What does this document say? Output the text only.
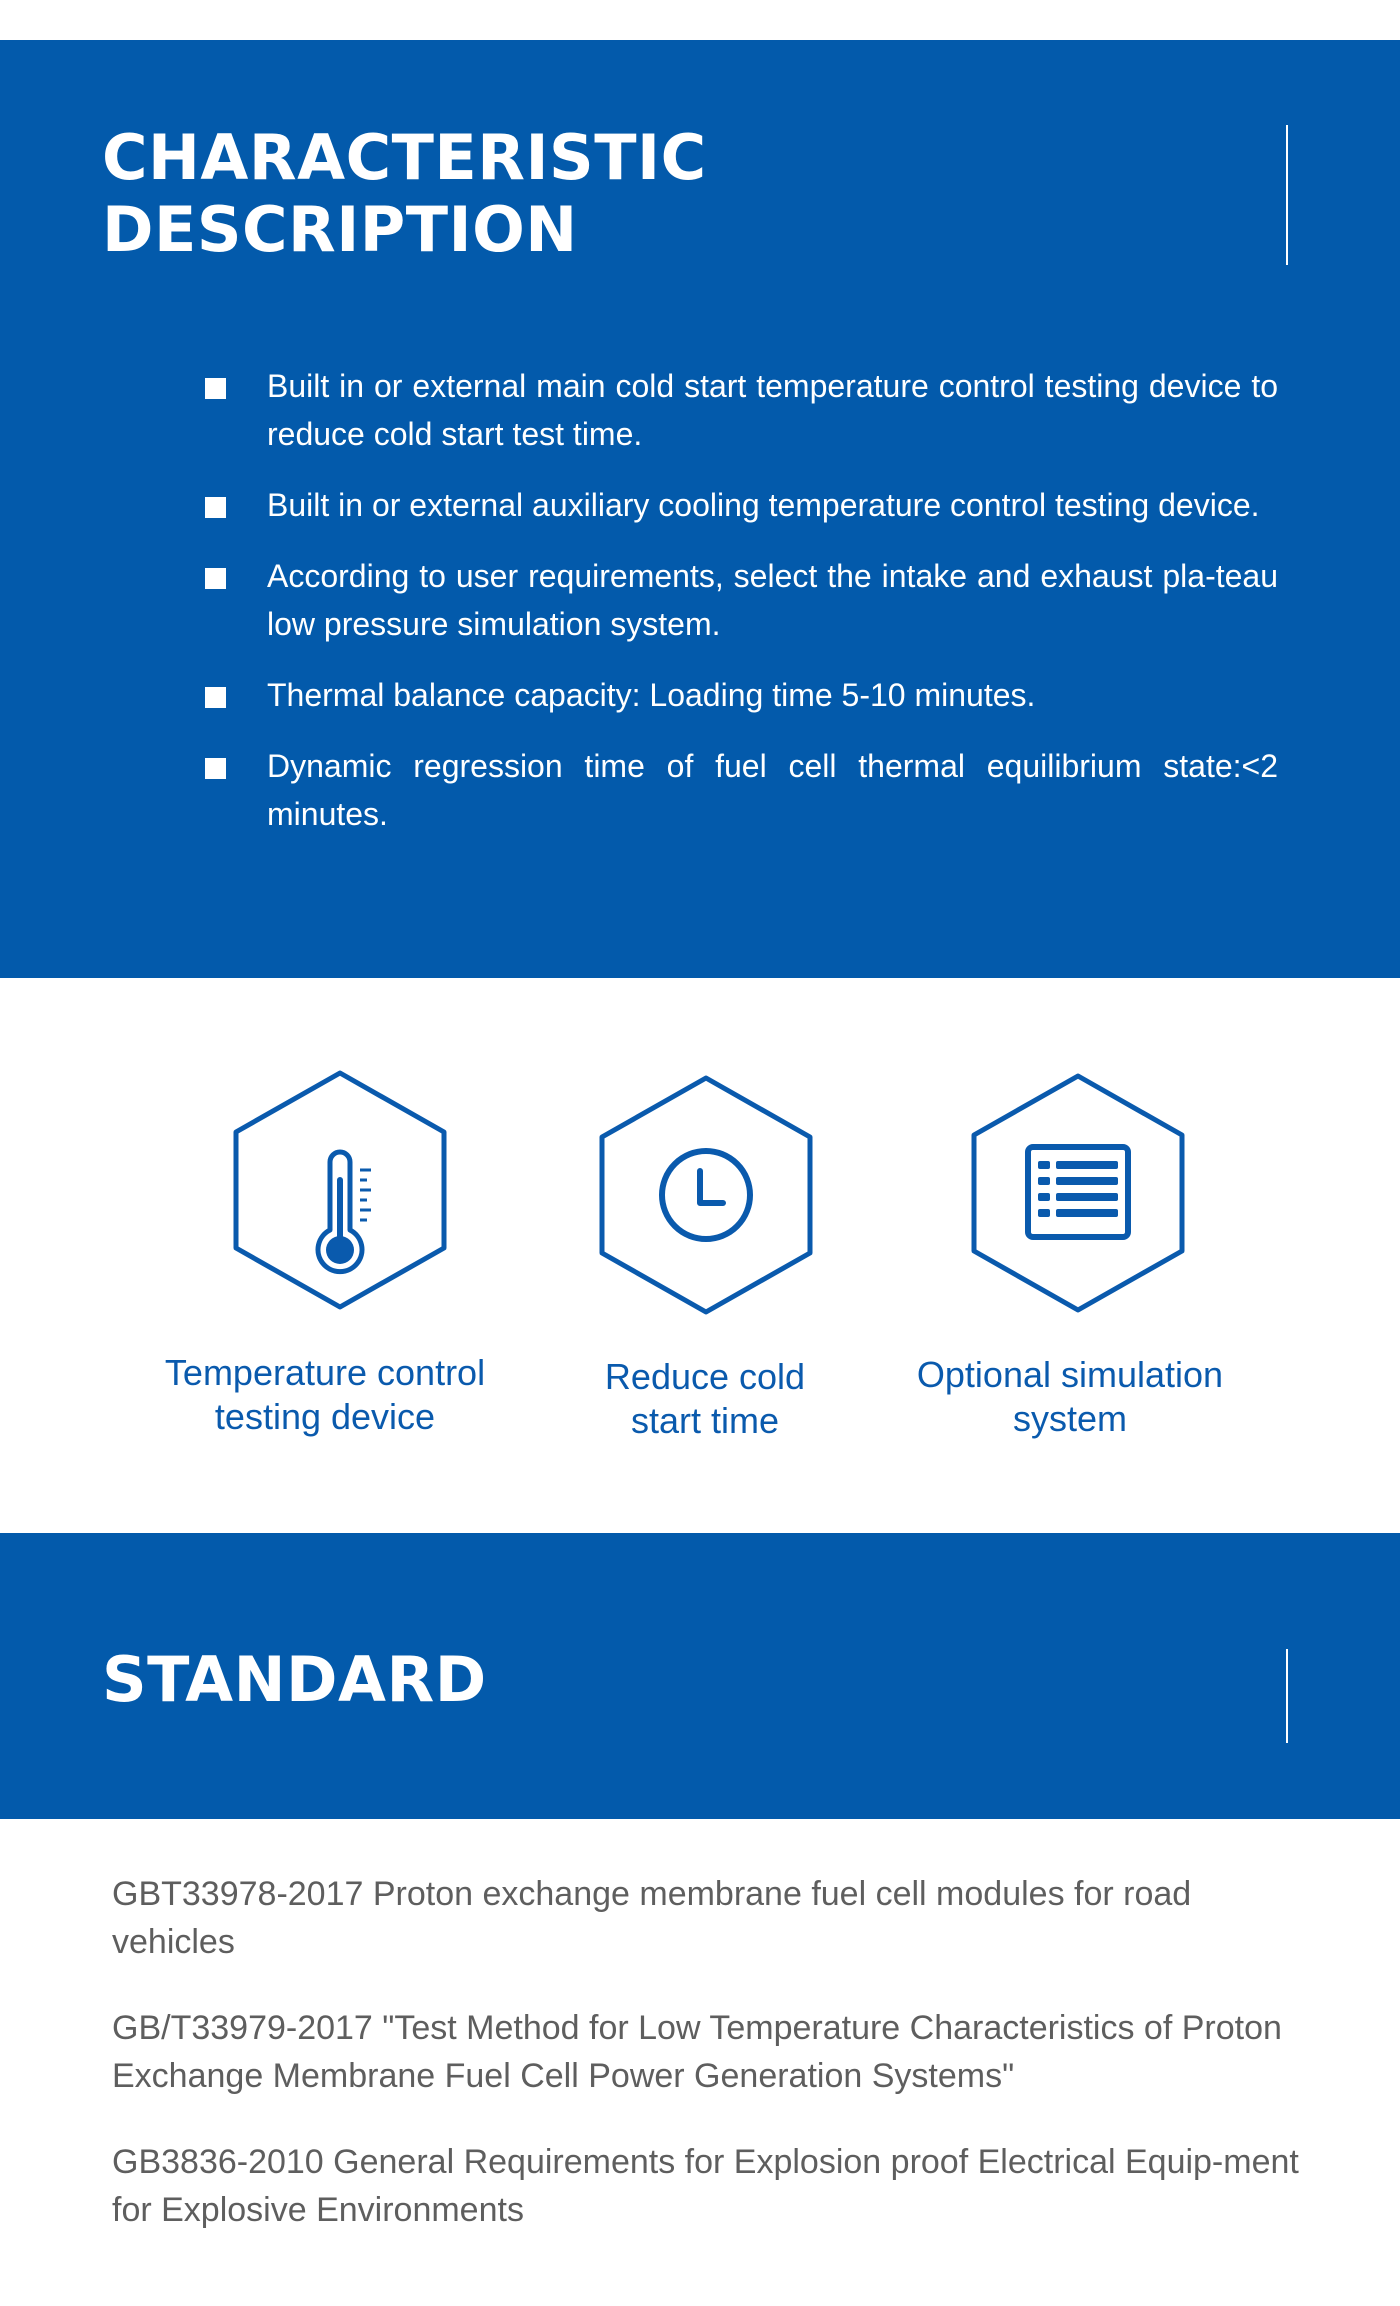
CHARACTERISTIC
DESCRIPTION
Built in or external main cold start temperature control testing device to reduce cold start test time.
Built in or external auxiliary cooling temperature control testing device.
According to user requirements, select the intake and exhaust pla-teau low pressure simulation system.
Thermal balance capacity: Loading time 5-10 minutes.
Dynamic regression time of fuel cell thermal equilibrium state:<2 minutes.

Temperature control
testing device

Reduce cold
start time

Optional simulation
system

STANDARD
GBT33978-2017 Proton exchange membrane fuel cell modules for road vehicles
GB/T33979-2017 "Test Method for Low Temperature Characteristics of Proton Exchange Membrane Fuel Cell Power Generation Systems"
GB3836-2010 General Requirements for Explosion proof Electrical Equip-ment for Explosive Environments
